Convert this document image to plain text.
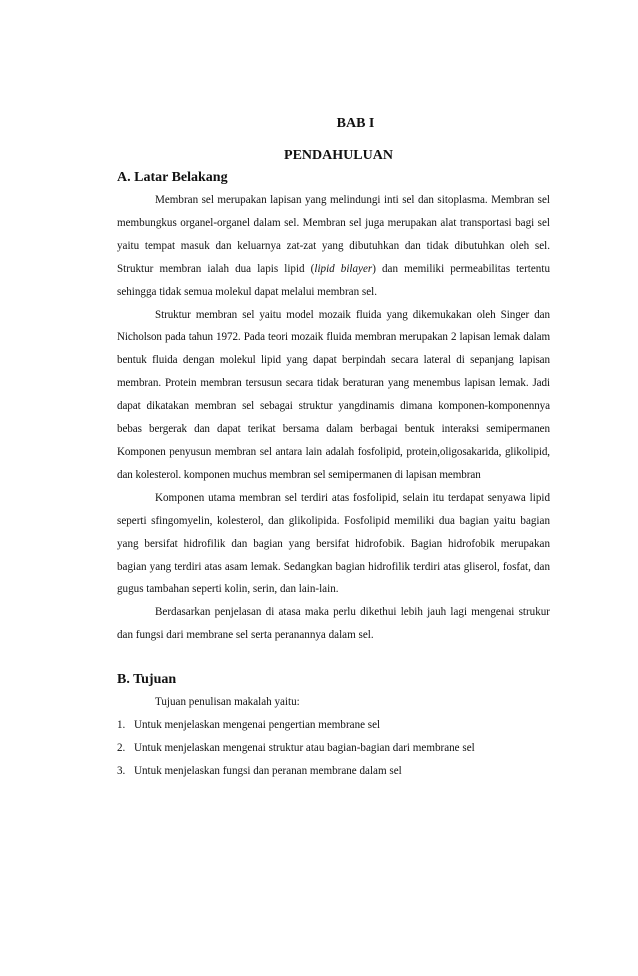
BAB I
PENDAHULUAN
A. Latar Belakang

Membran sel merupakan lapisan yang melindungi inti sel dan sitoplasma. Membran sel membungkus organel-organel dalam sel. Membran sel juga merupakan alat transportasi bagi sel yaitu tempat masuk dan keluarnya zat-zat yang dibutuhkan dan tidak dibutuhkan oleh sel. Struktur membran ialah dua lapis lipid (lipid bilayer) dan memiliki permeabilitas tertentu sehingga tidak semua molekul dapat melalui membran sel.

Struktur membran sel yaitu model mozaik fluida yang dikemukakan oleh Singer dan Nicholson pada tahun 1972. Pada teori mozaik fluida membran merupakan 2 lapisan lemak dalam bentuk fluida dengan molekul lipid yang dapat berpindah secara lateral di sepanjang lapisan membran. Protein membran tersusun secara tidak beraturan yang menembus lapisan lemak. Jadi dapat dikatakan membran sel sebagai struktur yangdinamis dimana komponen-komponennya bebas bergerak dan dapat terikat bersama dalam berbagai bentuk interaksi semipermanen Komponen penyusun membran sel antara lain adalah fosfolipid, protein,oligosakarida, glikolipid, dan kolesterol. komponen muchus membran sel semipermanen di lapisan membran

Komponen utama membran sel terdiri atas fosfolipid, selain itu terdapat senyawa lipid seperti sfingomyelin, kolesterol, dan glikolipida. Fosfolipid memiliki dua bagian yaitu bagian yang bersifat hidrofilik dan bagian yang bersifat hidrofobik. Bagian hidrofobik merupakan bagian yang terdiri atas asam lemak. Sedangkan bagian hidrofilik terdiri atas gliserol, fosfat, dan gugus tambahan seperti kolin, serin, dan lain-lain.

Berdasarkan penjelasan di atasa maka perlu dikethui lebih jauh lagi mengenai strukur dan fungsi dari membrane sel serta peranannya dalam sel.

B. Tujuan

Tujuan penulisan makalah yaitu:

1. Untuk menjelaskan mengenai pengertian membrane sel
2. Untuk menjelaskan mengenai struktur atau bagian-bagian dari membrane sel
3. Untuk menjelaskan fungsi dan peranan membrane dalam sel
